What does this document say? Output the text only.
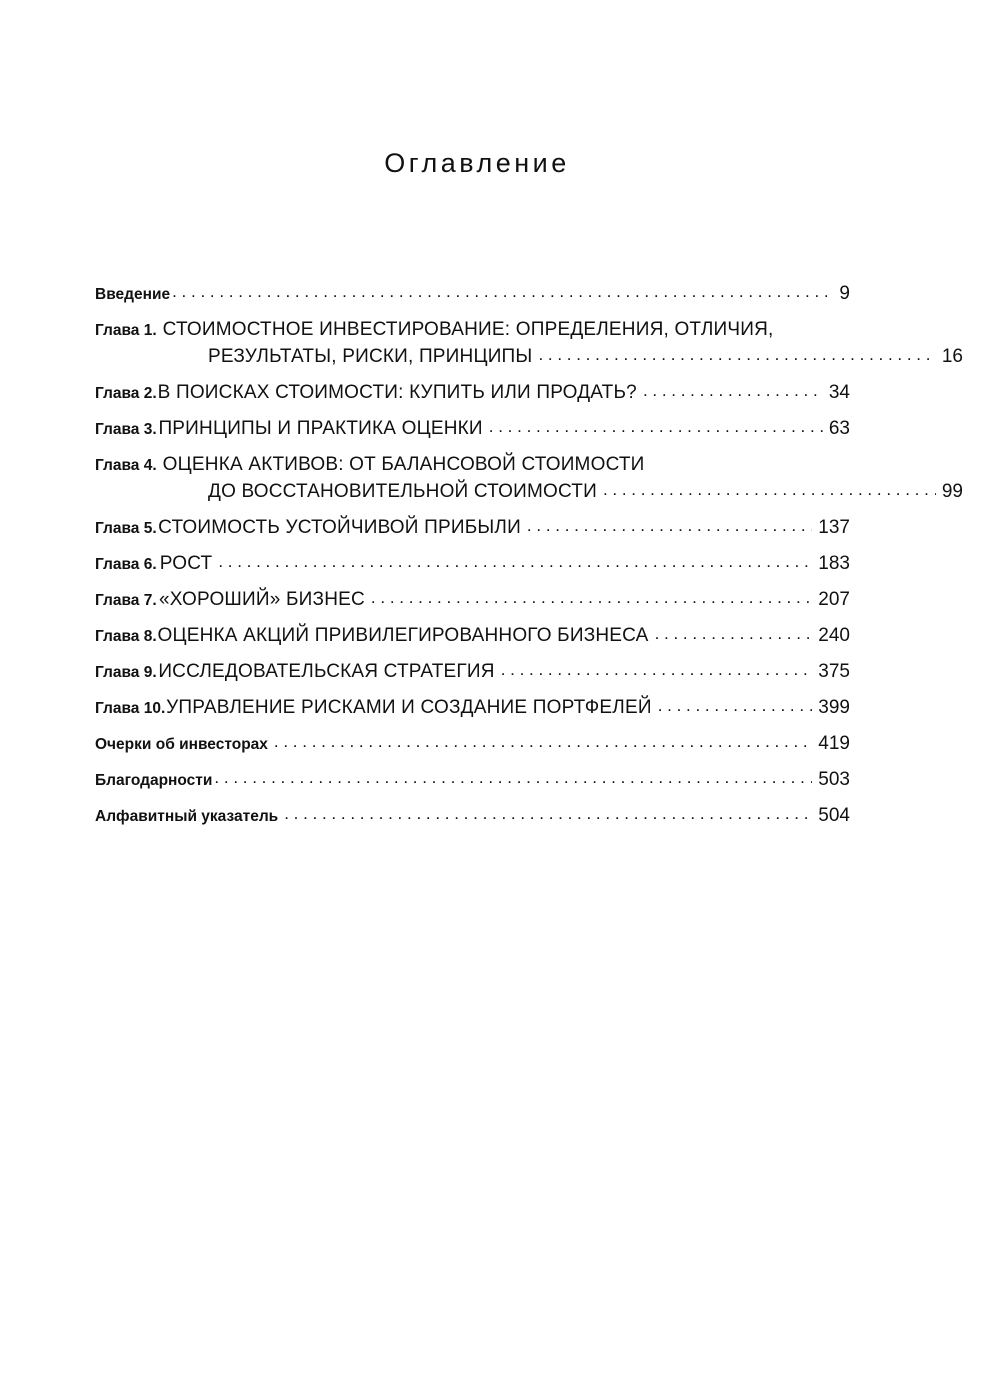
Оглавление
Введение . . .	9
Глава 1. СТОИМОСТНОЕ ИНВЕСТИРОВАНИЕ: ОПРЕДЕЛЕНИЯ, ОТЛИЧИЯ,
РЕЗУЛЬТАТЫ, РИСКИ, ПРИНЦИПЫ . . .	16
Глава 2. В ПОИСКАХ СТОИМОСТИ: КУПИТЬ ИЛИ ПРОДАТЬ? . . .	34
Глава 3. ПРИНЦИПЫ И ПРАКТИКА ОЦЕНКИ . . .	63
Глава 4. ОЦЕНКА АКТИВОВ: ОТ БАЛАНСОВОЙ СТОИМОСТИ
ДО ВОССТАНОВИТЕЛЬНОЙ СТОИМОСТИ . . .	99
Глава 5. СТОИМОСТЬ УСТОЙЧИВОЙ ПРИБЫЛИ . . .	137
Глава 6. РОСТ . . .	183
Глава 7. «ХОРОШИЙ» БИЗНЕС . . .	207
Глава 8. ОЦЕНКА АКЦИЙ ПРИВИЛЕГИРОВАННОГО БИЗНЕСА . . .	240
Глава 9. ИССЛЕДОВАТЕЛЬСКАЯ СТРАТЕГИЯ . . .	375
Глава 10. УПРАВЛЕНИЕ РИСКАМИ И СОЗДАНИЕ ПОРТФЕЛЕЙ . . .	399
Очерки об инвесторах . . .	419
Благодарности . . .	503
Алфавитный указатель . . .	504
